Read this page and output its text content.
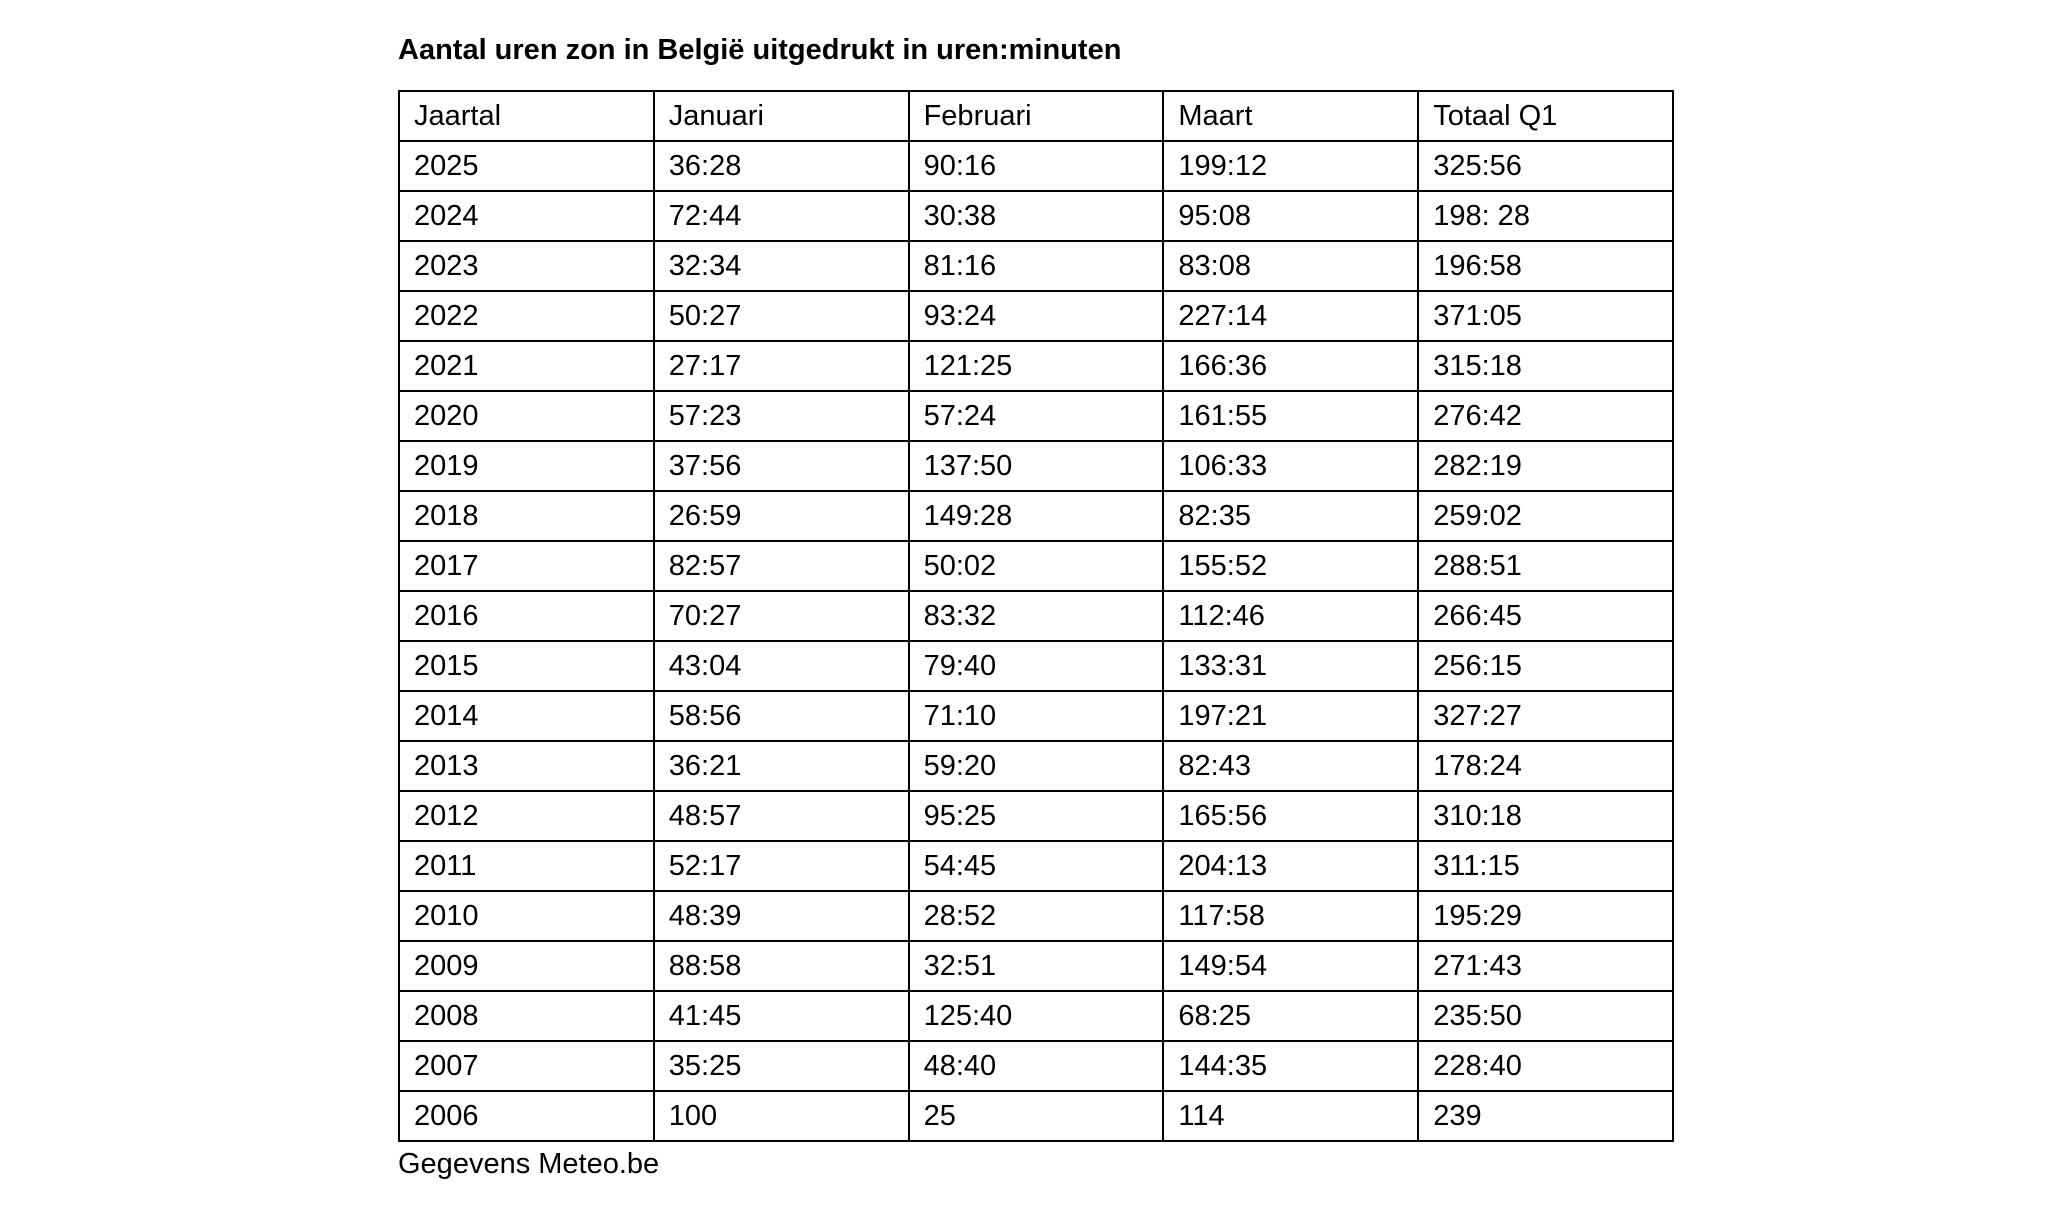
Aantal uren zon in België uitgedrukt in uren:minuten
Jaartal	Januari	Februari	Maart	Totaal Q1
2025	36:28	90:16	199:12	325:56
2024	72:44	30:38	95:08	198: 28
2023	32:34	81:16	83:08	196:58
2022	50:27	93:24	227:14	371:05
2021	27:17	121:25	166:36	315:18
2020	57:23	57:24	161:55	276:42
2019	37:56	137:50	106:33	282:19
2018	26:59	149:28	82:35	259:02
2017	82:57	50:02	155:52	288:51
2016	70:27	83:32	112:46	266:45
2015	43:04	79:40	133:31	256:15
2014	58:56	71:10	197:21	327:27
2013	36:21	59:20	82:43	178:24
2012	48:57	95:25	165:56	310:18
2011	52:17	54:45	204:13	311:15
2010	48:39	28:52	117:58	195:29
2009	88:58	32:51	149:54	271:43
2008	41:45	125:40	68:25	235:50
2007	35:25	48:40	144:35	228:40
2006	100	25	114	239
Gegevens Meteo.be
